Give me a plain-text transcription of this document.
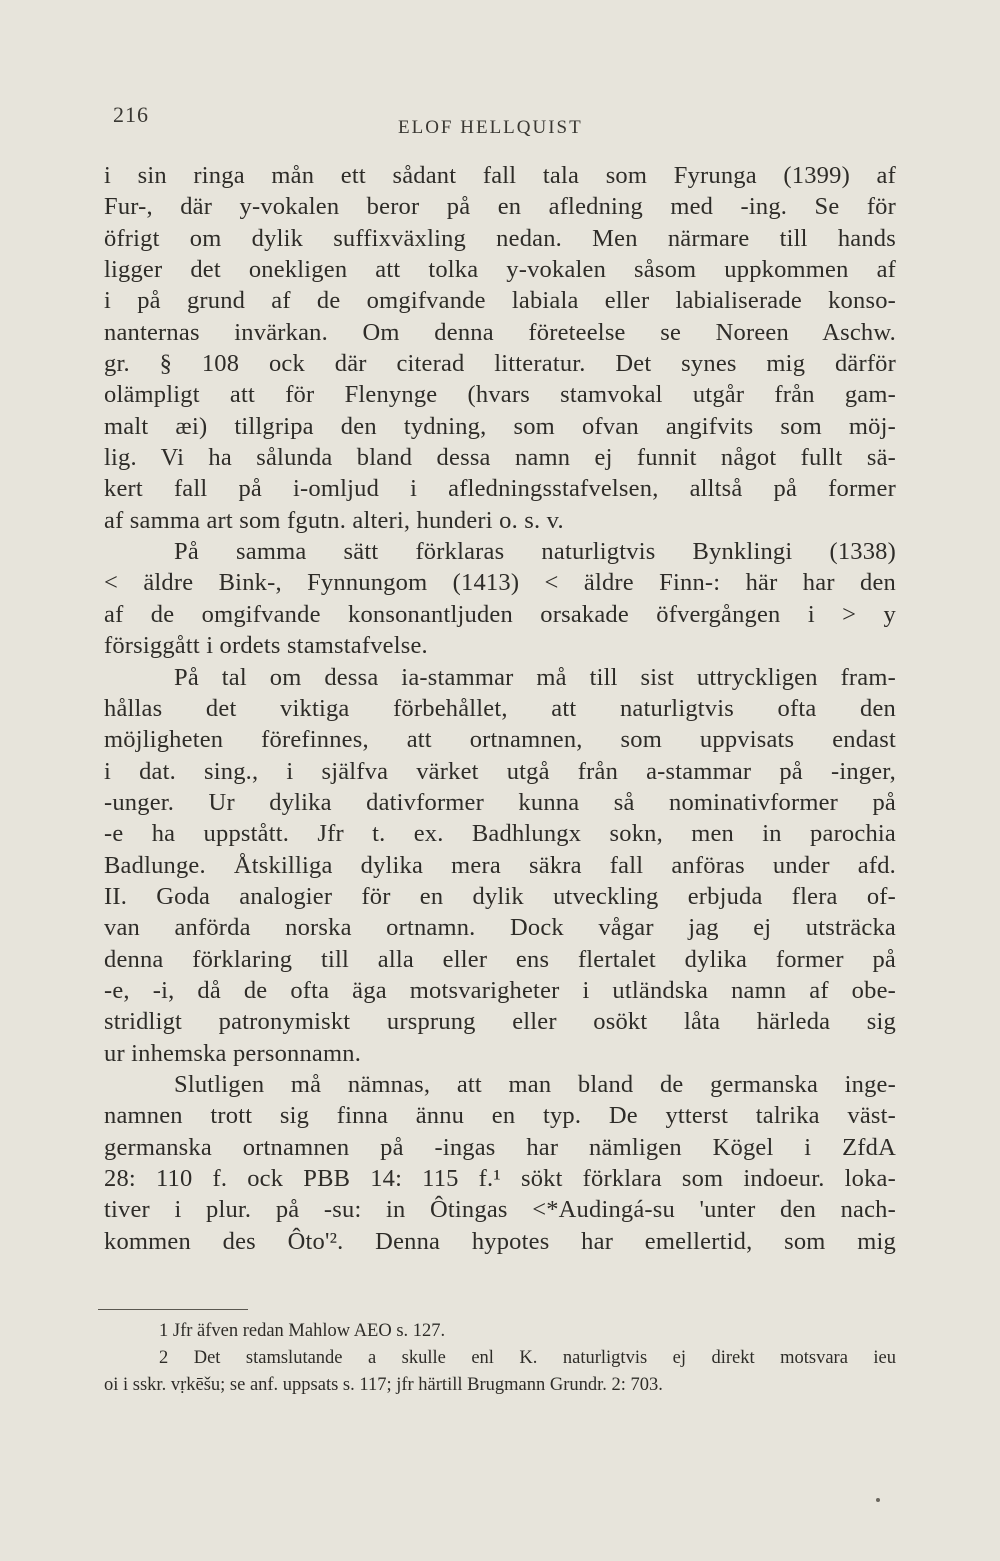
216
ELOF HELLQUIST
i sin ringa mån ett sådant fall tala som Fyrunga (1399) af
Fur-, där y-vokalen beror på en afledning med -ing. Se för
öfrigt om dylik suffixväxling nedan. Men närmare till hands
ligger det onekligen att tolka y-vokalen såsom uppkommen af
i på grund af de omgifvande labiala eller labialiserade konso-
nanternas invärkan. Om denna företeelse se Noreen Aschw.
gr. § 108 ock där citerad litteratur. Det synes mig därför
olämpligt att för Flenynge (hvars stamvokal utgår från gam-
malt æi) tillgripa den tydning, som ofvan angifvits som möj-
lig. Vi ha sålunda bland dessa namn ej funnit något fullt sä-
kert fall på i-omljud i afledningsstafvelsen, alltså på former
af samma art som fgutn. alteri, hunderi o. s. v.
På samma sätt förklaras naturligtvis Bynklingi (1338)
< äldre Bink-, Fynnungom (1413) < äldre Finn-: här har den
af de omgifvande konsonantljuden orsakade öfvergången i > y
försiggått i ordets stamstafvelse.
På tal om dessa ia-stammar må till sist uttryckligen fram-
hållas det viktiga förbehållet, att naturligtvis ofta den
möjligheten förefinnes, att ortnamnen, som uppvisats endast
i dat. sing., i själfva värket utgå från a-stammar på -inger,
-unger. Ur dylika dativformer kunna så nominativformer på
-e ha uppstått. Jfr t. ex. Badhlungx sokn, men in parochia
Badlunge. Åtskilliga dylika mera säkra fall anföras under afd.
II. Goda analogier för en dylik utveckling erbjuda flera of-
van anförda norska ortnamn. Dock vågar jag ej utsträcka
denna förklaring till alla eller ens flertalet dylika former på
-e, -i, då de ofta äga motsvarigheter i utländska namn af obe-
stridligt patronymiskt ursprung eller osökt låta härleda sig
ur inhemska personnamn.
Slutligen må nämnas, att man bland de germanska inge-
namnen trott sig finna ännu en typ. De ytterst talrika väst-
germanska ortnamnen på -ingas har nämligen Kögel i ZfdA
28: 110 f. ock PBB 14: 115 f.¹ sökt förklara som indoeur. loka-
tiver i plur. på -su: in Ôtingas <*Audingá-su 'unter den nach-
kommen des Ôto'². Denna hypotes har emellertid, som mig
1 Jfr äfven redan Mahlow AEO s. 127.
2 Det stamslutande a skulle enl K. naturligtvis ej direkt motsvara ieu
oi i sskr. vṛkēšu; se anf. uppsats s. 117; jfr härtill Brugmann Grundr. 2: 703.
